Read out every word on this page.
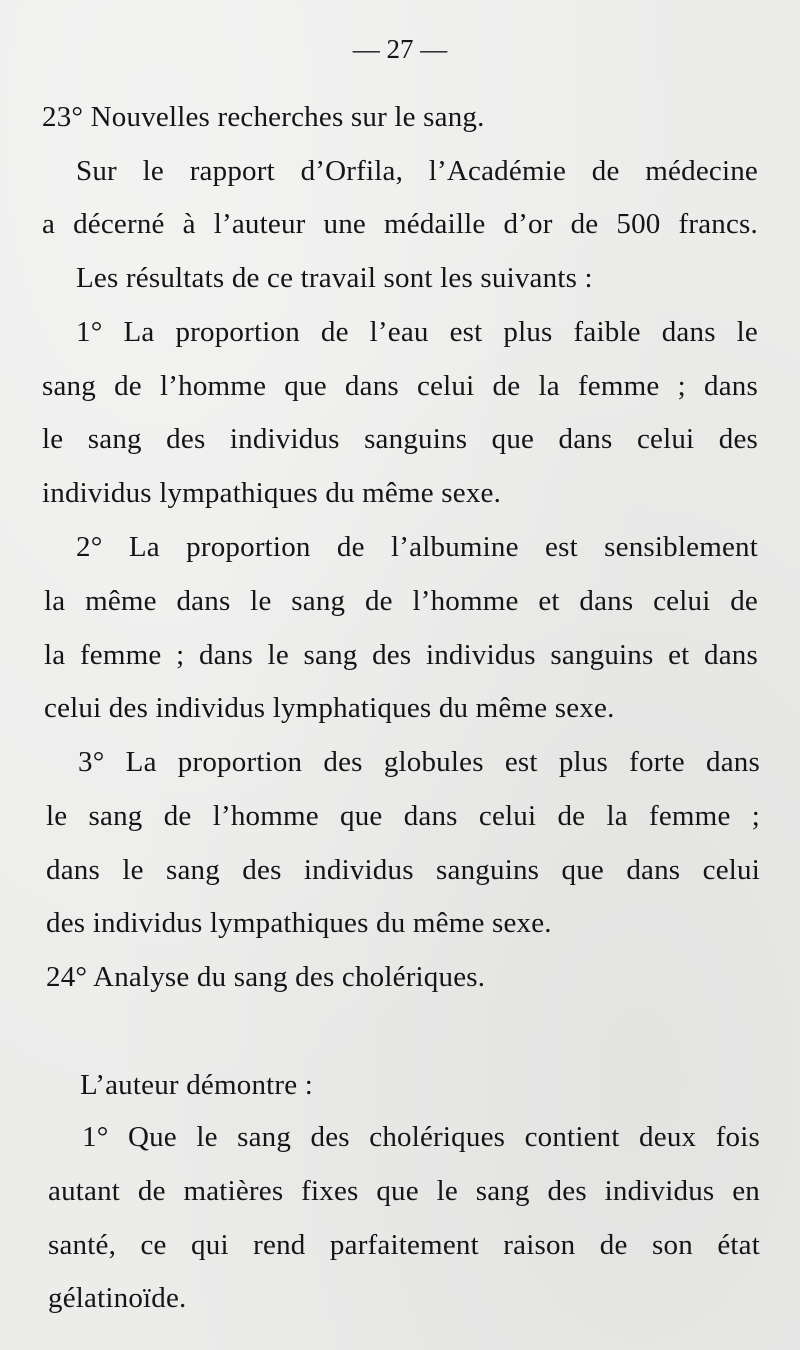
— 27 —

23° Nouvelles recherches sur le sang.

Sur le rapport d’Orfila, l’Académie de médecine

a décerné à l’auteur une médaille d’or de 500 francs.

Les résultats de ce travail sont les suivants :

1° La proportion de l’eau est plus faible dans le

sang de l’homme que dans celui de la femme ; dans

le sang des individus sanguins que dans celui des

individus lympathiques du même sexe.

2° La proportion de l’albumine est sensiblement

la même dans le sang de l’homme et dans celui de

la femme ; dans le sang des individus sanguins et dans

celui des individus lymphatiques du même sexe.

3° La proportion des globules est plus forte dans

le sang de l’homme que dans celui de la femme ;

dans le sang des individus sanguins que dans celui

des individus lympathiques du même sexe.

24° Analyse du sang des cholériques.

L’auteur démontre :

1° Que le sang des cholériques contient deux fois

autant de matières fixes que le sang des individus en

santé, ce qui rend parfaitement raison de son état

gélatinoïde.
